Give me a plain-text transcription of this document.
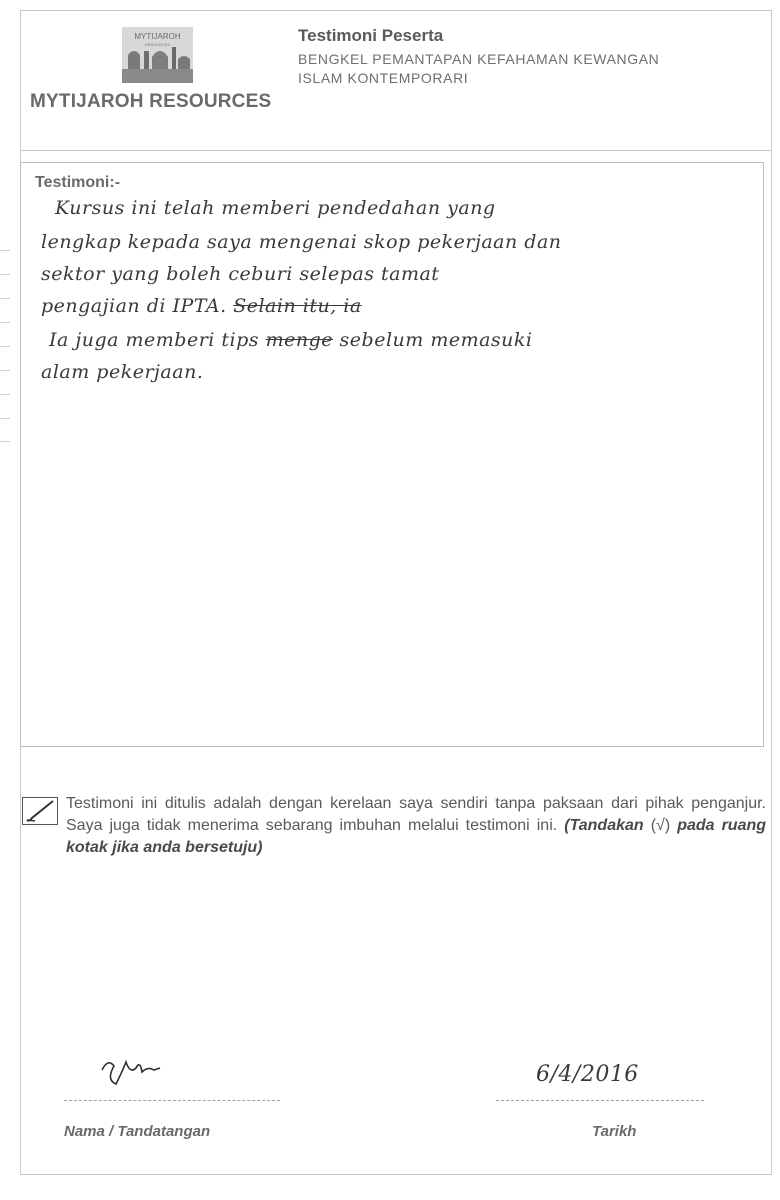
MYTIJAROH
RESOURCES
MYTIJAROH RESOURCES
Testimoni Peserta
BENGKEL PEMANTAPAN KEFAHAMAN KEWANGAN
ISLAM KONTEMPORARI
Testimoni:-
Kursus ini telah memberi pendedahan yang
lengkap kepada saya mengenai skop pekerjaan dan
sektor yang boleh ceburi selepas tamat
pengajian di IPTA. Selain itu, ia
Ia juga memberi tips menge sebelum memasuki
alam pekerjaan.
Testimoni ini ditulis adalah dengan kerelaan saya sendiri tanpa paksaan dari pihak penganjur. Saya juga tidak menerima sebarang imbuhan melalui testimoni ini. (Tandakan (√) pada ruang kotak jika anda bersetuju)
6/4/2016
Nama / Tandatangan	Tarikh
